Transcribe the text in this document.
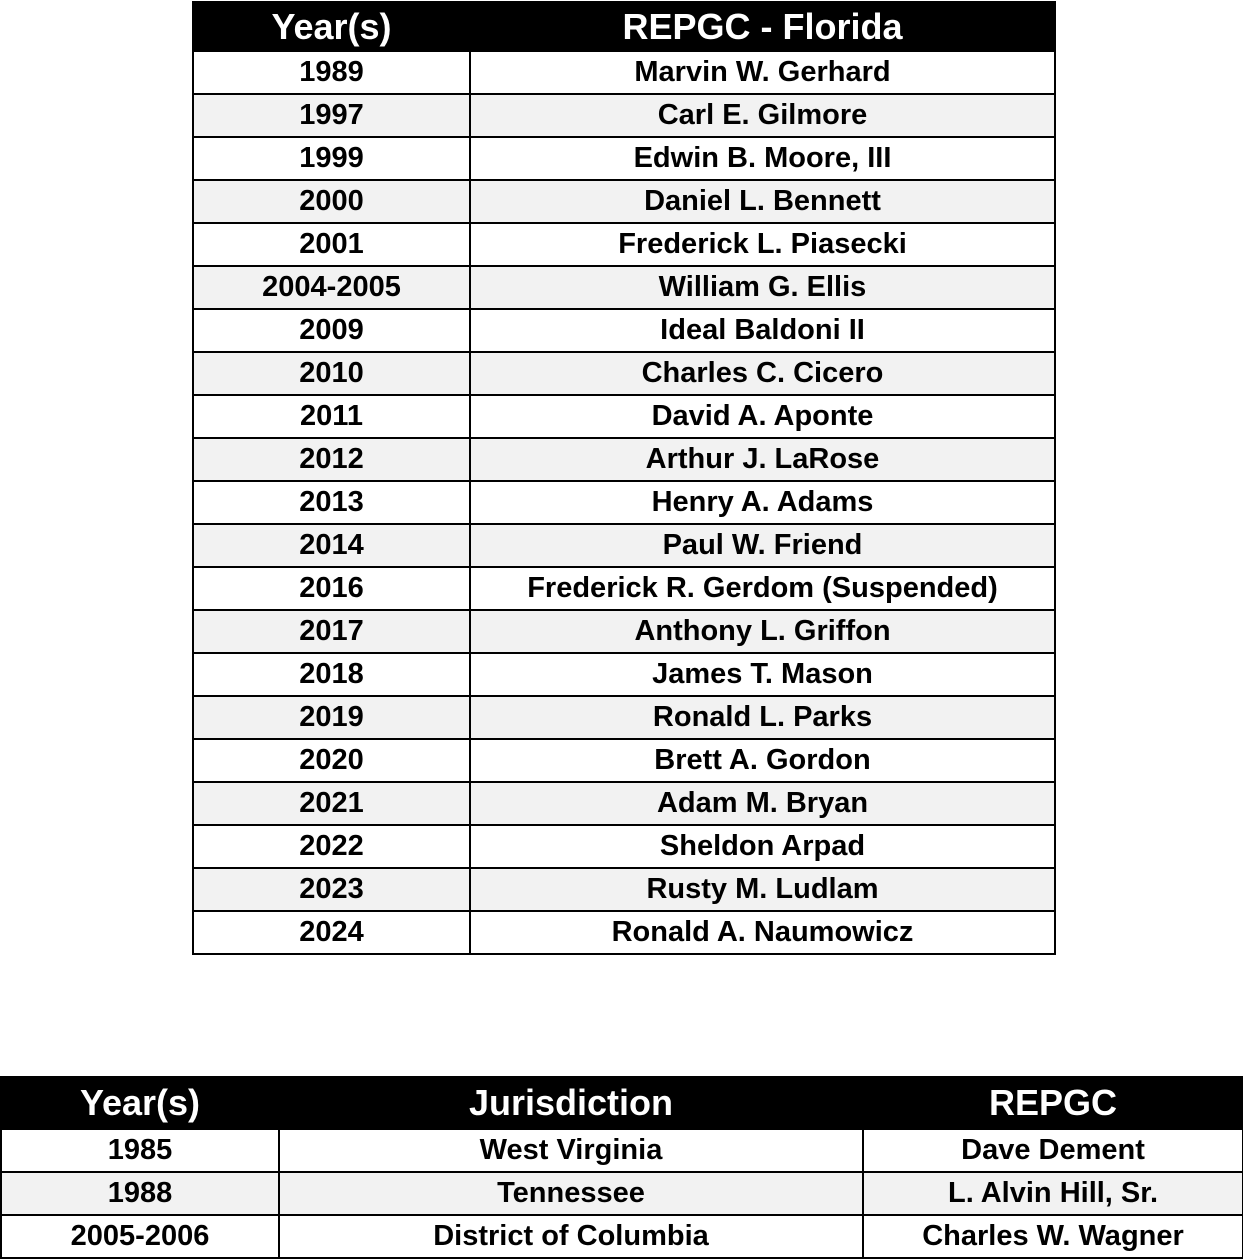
Year(s)	REPGC - Florida
1989	Marvin W. Gerhard
1997	Carl E. Gilmore
1999	Edwin B. Moore, III
2000	Daniel L. Bennett
2001	Frederick L. Piasecki
2004-2005	William G. Ellis
2009	Ideal Baldoni II
2010	Charles C. Cicero
2011	David A. Aponte
2012	Arthur J. LaRose
2013	Henry A. Adams
2014	Paul W. Friend
2016	Frederick R. Gerdom (Suspended)
2017	Anthony L. Griffon
2018	James T. Mason
2019	Ronald L. Parks
2020	Brett A. Gordon
2021	Adam M. Bryan
2022	Sheldon Arpad
2023	Rusty M. Ludlam
2024	Ronald A. Naumowicz
Year(s)	Jurisdiction	REPGC
1985	West Virginia	Dave Dement
1988	Tennessee	L. Alvin Hill, Sr.
2005-2006	District of Columbia	Charles W. Wagner
